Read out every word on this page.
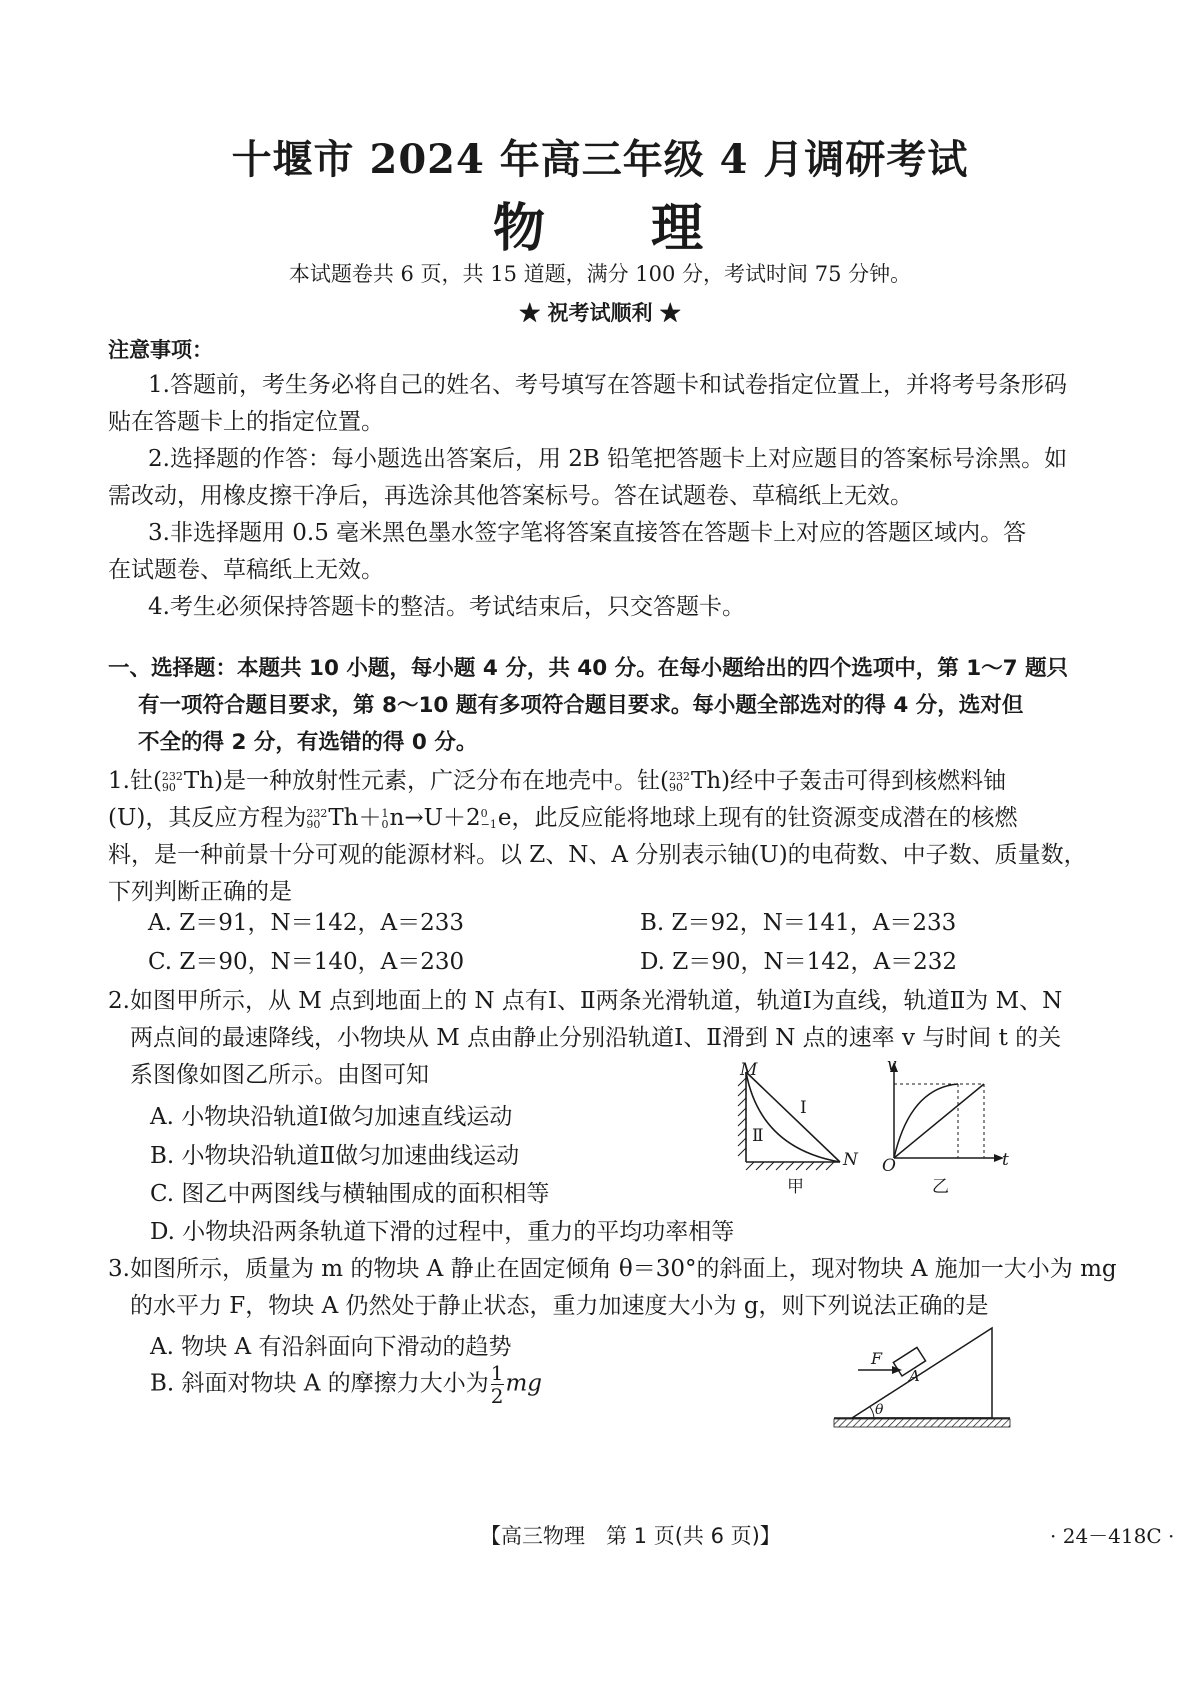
十堰市 2024 年高三年级 4 月调研考试
物 理
本试题卷共 6 页，共 15 道题，满分 100 分，考试时间 75 分钟。
★ 祝考试顺利 ★
注意事项：
1.答题前，考生务必将自己的姓名、考号填写在答题卡和试卷指定位置上，并将考号条形码
贴在答题卡上的指定位置。
2.选择题的作答：每小题选出答案后，用 2B 铅笔把答题卡上对应题目的答案标号涂黑。如
需改动，用橡皮擦干净后，再选涂其他答案标号。答在试题卷、草稿纸上无效。
3.非选择题用 0.5 毫米黑色墨水签字笔将答案直接答在答题卡上对应的答题区域内。答
在试题卷、草稿纸上无效。
4.考生必须保持答题卡的整洁。考试结束后，只交答题卡。
一、选择题：本题共 10 小题，每小题 4 分，共 40 分。在每小题给出的四个选项中，第 1～7 题只
有一项符合题目要求，第 8～10 题有多项符合题目要求。每小题全部选对的得 4 分，选对但
不全的得 2 分，有选错的得 0 分。
1.钍( 232
90 Th)是一种放射性元素，广泛分布在地壳中。钍( 232
90 Th)经中子轰击可得到核燃料铀
(U)，其反应方程为 232
90 Th＋ 1
0 n→U＋2 0
−1 e，此反应能将地球上现有的钍资源变成潜在的核燃
料，是一种前景十分可观的能源材料。以 Z、N、A 分别表示铀(U)的电荷数、中子数、质量数，
下列判断正确的是
A. Z＝91，N＝142，A＝233	B. Z＝92，N＝141，A＝233
C. Z＝90，N＝140，A＝230	D. Z＝90，N＝142，A＝232
2.如图甲所示，从 M 点到地面上的 N 点有Ⅰ、Ⅱ两条光滑轨道，轨道Ⅰ为直线，轨道Ⅱ为 M、N
两点间的最速降线，小物块从 M 点由静止分别沿轨道Ⅰ、Ⅱ滑到 N 点的速率 v 与时间 t 的关
系图像如图乙所示。由图可知
A. 小物块沿轨道Ⅰ做匀加速直线运动
B. 小物块沿轨道Ⅱ做匀加速曲线运动
C. 图乙中两图线与横轴围成的面积相等
D. 小物块沿两条轨道下滑的过程中，重力的平均功率相等
M
N
Ⅰ
Ⅱ
甲
v
t
O
乙
3.如图所示，质量为 m 的物块 A 静止在固定倾角 θ＝30°的斜面上，现对物块 A 施加一大小为 mg
的水平力 F，物块 A 仍然处于静止状态，重力加速度大小为 g，则下列说法正确的是
A. 物块 A 有沿斜面向下滑动的趋势
B. 斜面对物块 A 的摩擦力大小为 $\frac{1}{2}$ mg
F
A
θ
【高三物理　第 1 页(共 6 页)】	· 24－418C ·
